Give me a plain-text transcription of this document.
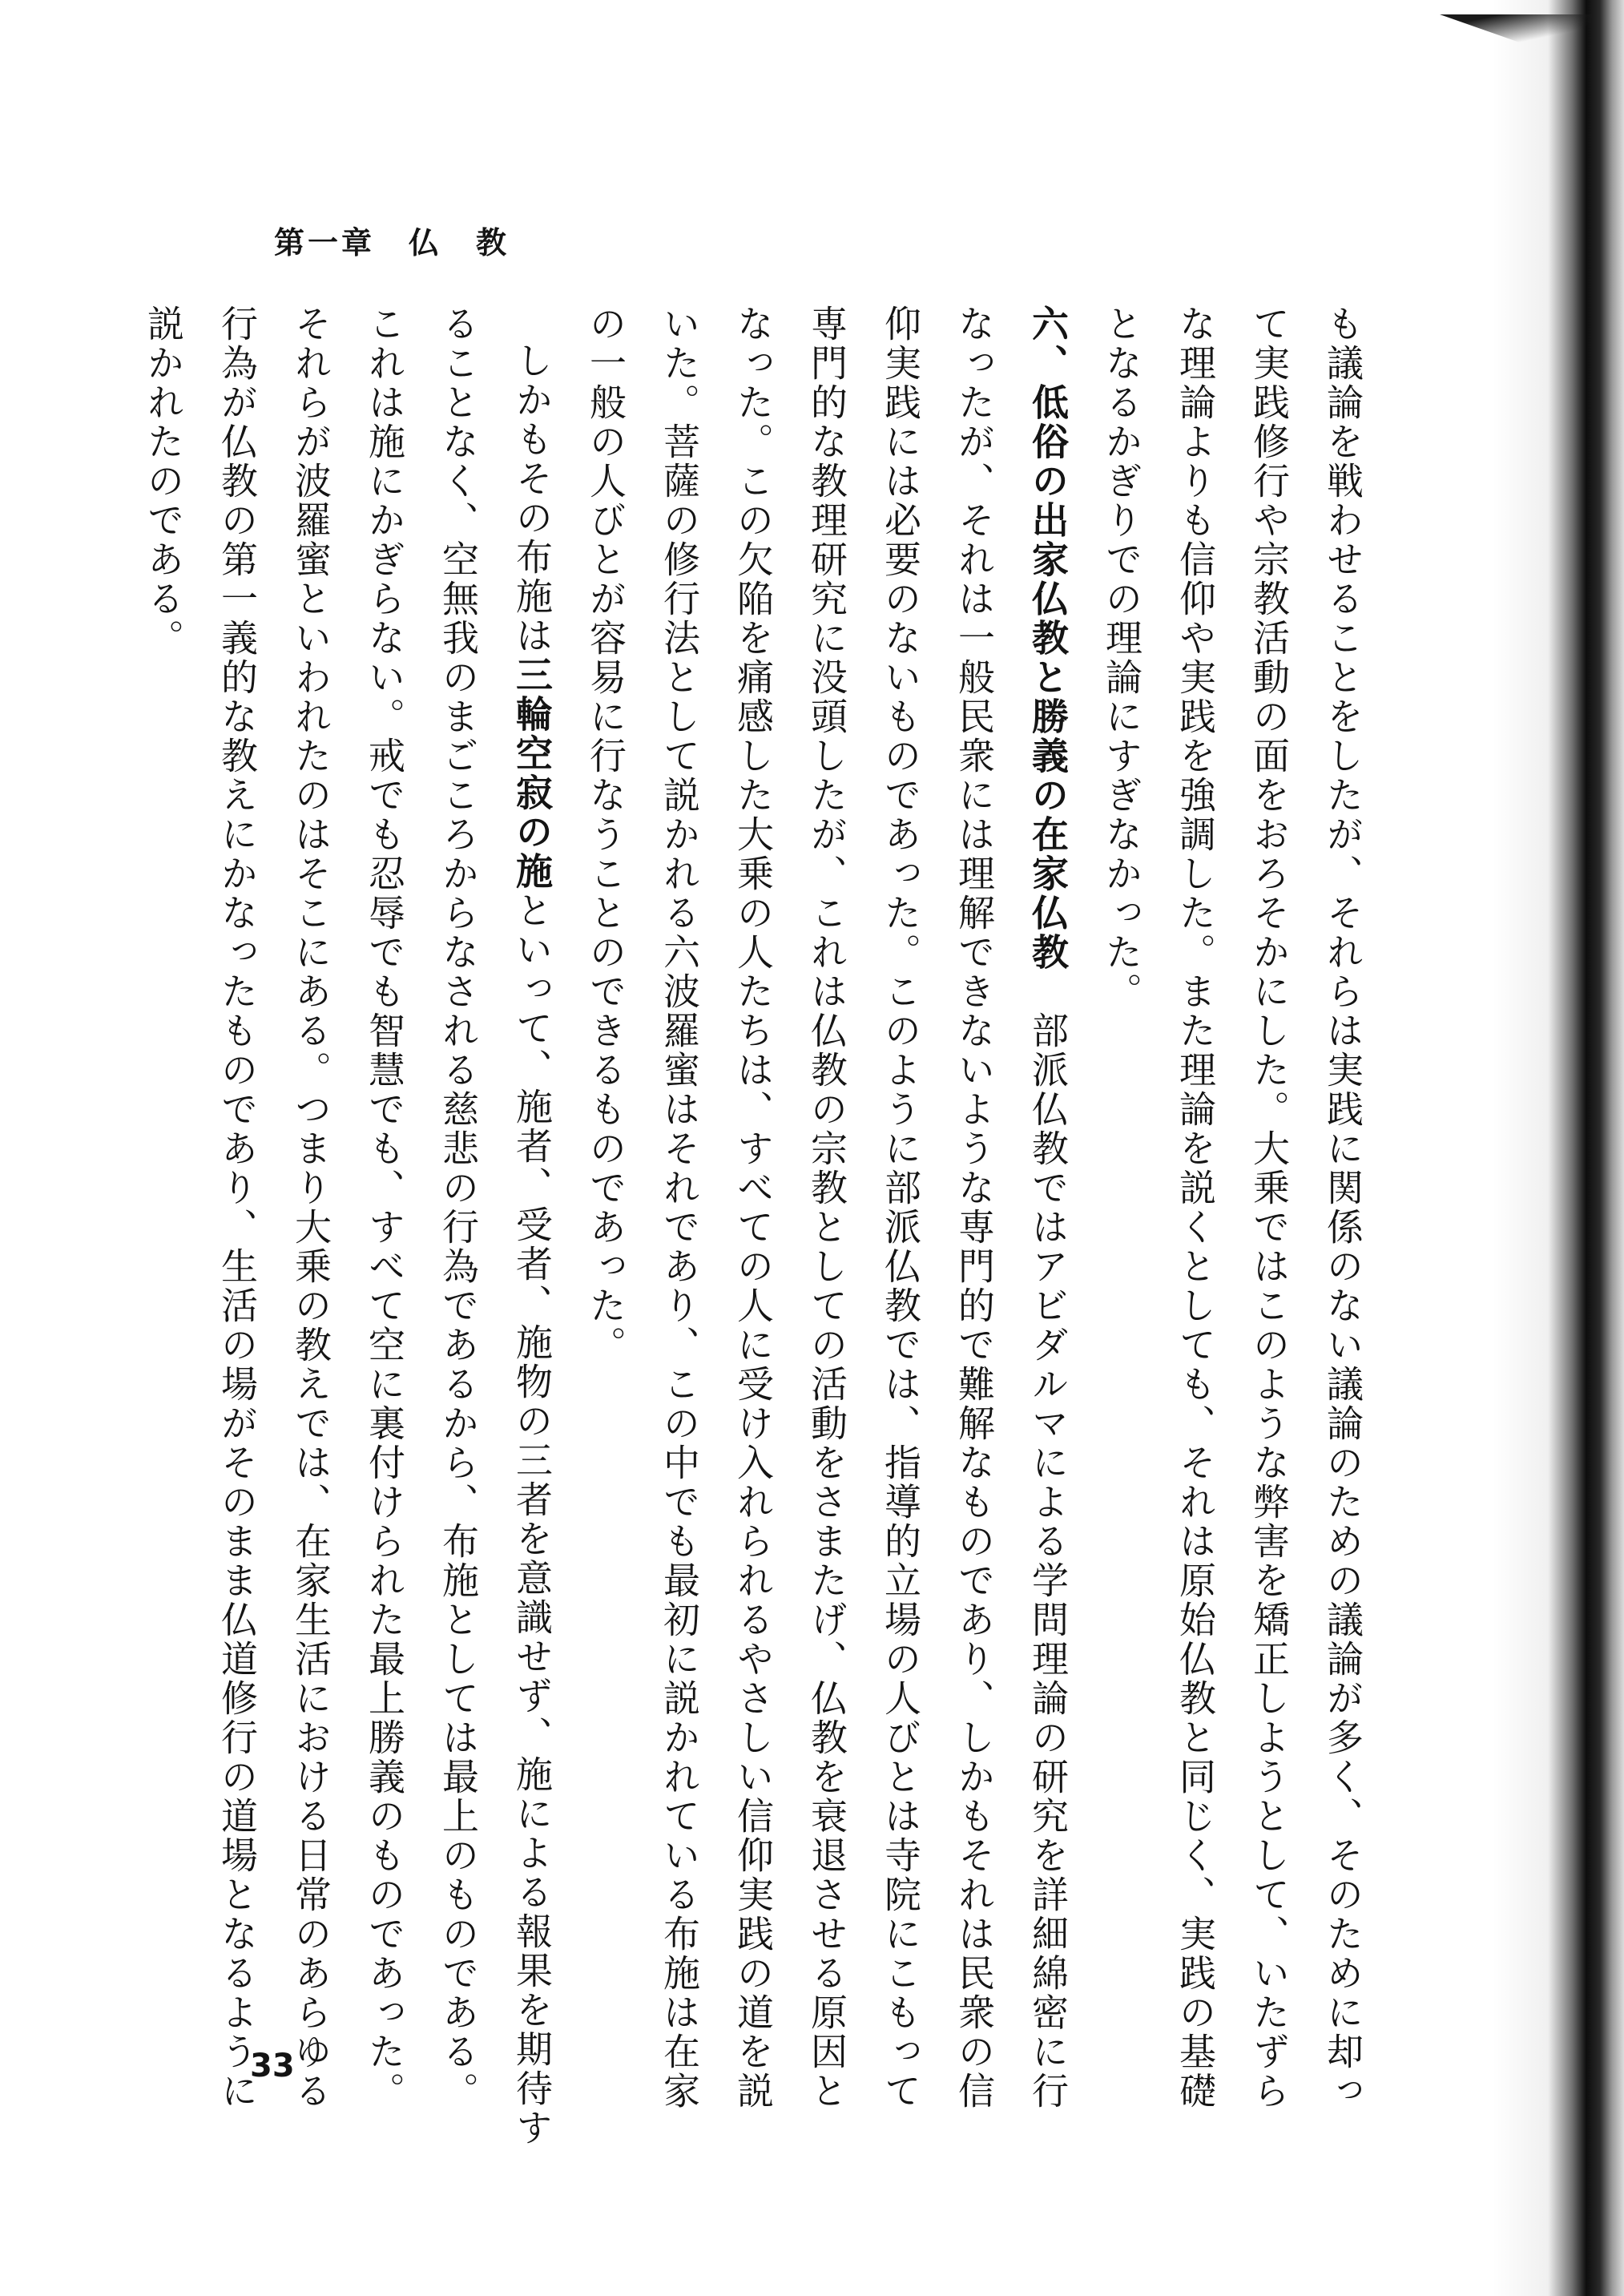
第一章　仏　教

も議論を戦わせることをしたが、それらは実践に関係のない議論のための議論が多く、そのために却って実践修行や宗教活動の面をおろそかにした。大乗ではこのような弊害を矯正しようとして、いたずらな理論よりも信仰や実践を強調した。また理論を説くとしても、それは原始仏教と同じく、実践の基礎となるかぎりでの理論にすぎなかった。

六、低俗の出家仏教と勝義の在家仏教　部派仏教ではアビダルマによる学問理論の研究を詳細綿密に行なったが、それは一般民衆には理解できないような専門的で難解なものであり、しかもそれは民衆の信仰実践には必要のないものであった。このように部派仏教では、指導的立場の人びとは寺院にこもって専門的な教理研究に没頭したが、これは仏教の宗教としての活動をさまたげ、仏教を衰退させる原因となった。この欠陥を痛感した大乗の人たちは、すべての人に受け入れられるやさしい信仰実践の道を説いた。菩薩の修行法として説かれる六波羅蜜はそれであり、この中でも最初に説かれている布施は在家の一般の人びとが容易に行なうことのできるものであった。

しかもその布施は三輪空寂の施といって、施者、受者、施物の三者を意識せず、施による報果を期待することなく、空無我のまごころからなされる慈悲の行為であるから、布施としては最上のものである。これは施にかぎらない。戒でも忍辱でも智慧でも、すべて空に裏付けられた最上勝義のものであった。それらが波羅蜜といわれたのはそこにある。つまり大乗の教えでは、在家生活における日常のあらゆる行為が仏教の第一義的な教えにかなったものであり、生活の場がそのまま仏道修行の道場となるように説かれたのである。

33
